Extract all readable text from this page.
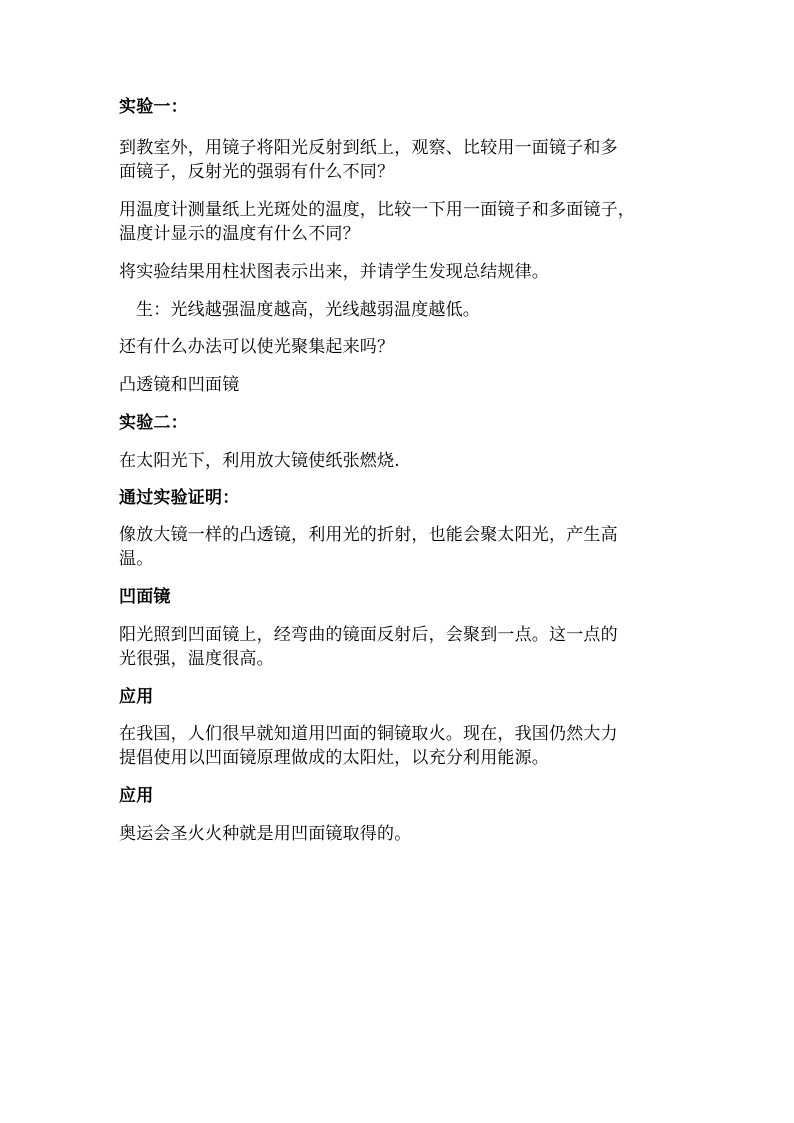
实验一：
到教室外，用镜子将阳光反射到纸上，观察、比较用一面镜子和多
面镜子，反射光的强弱有什么不同？
用温度计测量纸上光斑处的温度，比较一下用一面镜子和多面镜子，
温度计显示的温度有什么不同？
将实验结果用柱状图表示出来，并请学生发现总结规律。
生：光线越强温度越高，光线越弱温度越低。
还有什么办法可以使光聚集起来吗？
凸透镜和凹面镜
实验二：
在太阳光下，利用放大镜使纸张燃烧.
通过实验证明：
像放大镜一样的凸透镜，利用光的折射，也能会聚太阳光，产生高
温。
凹面镜
阳光照到凹面镜上，经弯曲的镜面反射后，会聚到一点。这一点的
光很强，温度很高。
应用
在我国，人们很早就知道用凹面的铜镜取火。现在，我国仍然大力
提倡使用以凹面镜原理做成的太阳灶，以充分利用能源。
应用
奥运会圣火火种就是用凹面镜取得的。
